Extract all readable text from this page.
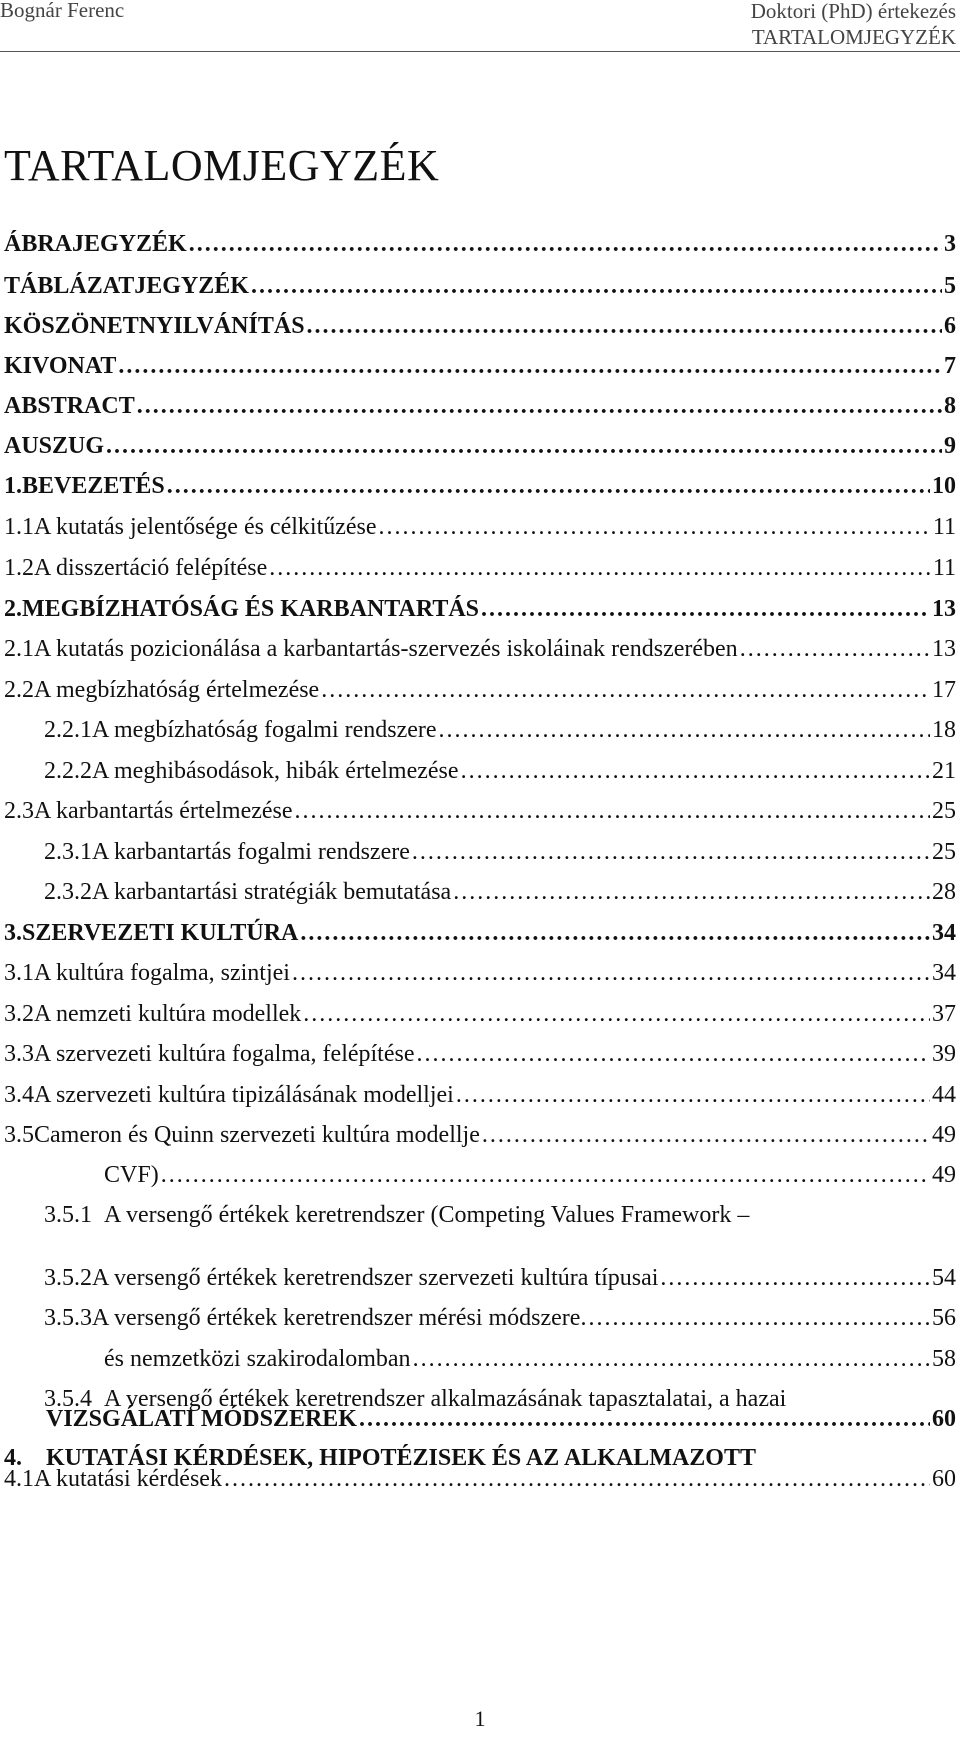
Bognár Ferenc	Doktori (PhD) értekezés
TARTALOMJEGYZÉK
TARTALOMJEGYZÉK
ÁBRAJEGYZÉK .....	3
TÁBLÁZATJEGYZÉK .....	5
KÖSZÖNETNYILVÁNÍTÁS .....	6
KIVONAT .....	7
ABSTRACT .....	8
AUSZUG .....	9
1. BEVEZETÉS .....	10
1.1 A kutatás jelentősége és célkitűzése .....	11
1.2 A disszertáció felépítése .....	11
2. MEGBÍZHATÓSÁG ÉS KARBANTARTÁS .....	13
2.1 A kutatás pozicionálása a karbantartás-szervezés iskoláinak rendszerében .....	13
2.2 A megbízhatóság értelmezése .....	17
2.2.1 A megbízhatóság fogalmi rendszere .....	18
2.2.2 A meghibásodások, hibák értelmezése .....	21
2.3 A karbantartás értelmezése .....	25
2.3.1 A karbantartás fogalmi rendszere .....	25
2.3.2 A karbantartási stratégiák bemutatása .....	28
3. SZERVEZETI KULTÚRA .....	34
3.1 A kultúra fogalma, szintjei .....	34
3.2 A nemzeti kultúra modellek .....	37
3.3 A szervezeti kultúra fogalma, felépítése .....	39
3.4 A szervezeti kultúra tipizálásának modelljei .....	44
3.5 Cameron és Quinn szervezeti kultúra modellje .....	49
3.5.1 A versengő értékek keretrendszer (Competing Values Framework –
CVF) .....	49
3.5.2 A versengő értékek keretrendszer szervezeti kultúra típusai .....	54
3.5.3 A versengő értékek keretrendszer mérési módszere. .....	56
3.5.4 A versengő értékek keretrendszer alkalmazásának tapasztalatai, a hazai
és nemzetközi szakirodalomban .....	58
4. KUTATÁSI KÉRDÉSEK, HIPOTÉZISEK ÉS AZ ALKALMAZOTT
VIZSGÁLATI MÓDSZEREK .....	60
4.1 A kutatási kérdések .....	60
1
